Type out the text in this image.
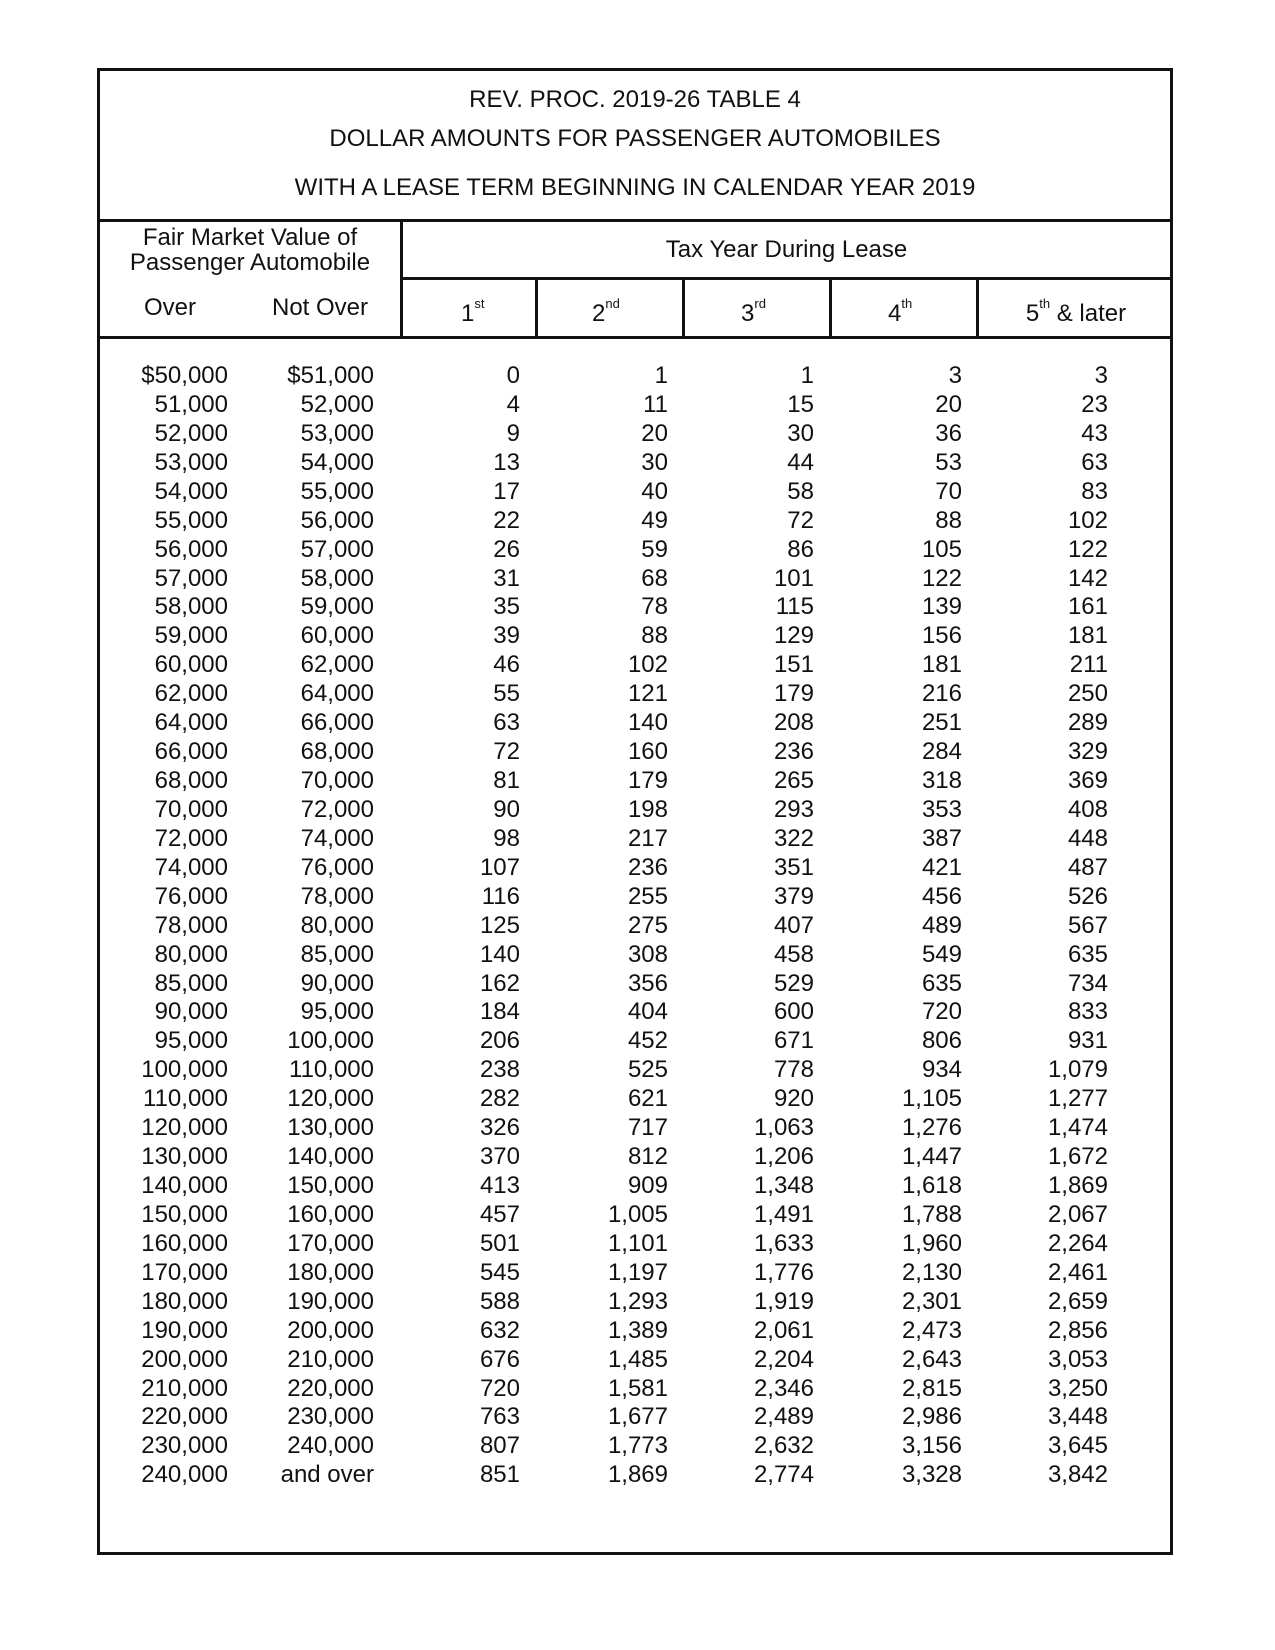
REV. PROC. 2019-26 TABLE 4
DOLLAR AMOUNTS FOR PASSENGER AUTOMOBILES
WITH A LEASE TERM BEGINNING IN CALENDAR YEAR 2019
Fair Market Value of
Passenger Automobile	Tax Year During Lease
Over	Not Over	1st	2nd	3rd	4th	5th & later
$50,000	$51,000	0	1	1	3	3
51,000	52,000	4	11	15	20	23
52,000	53,000	9	20	30	36	43
53,000	54,000	13	30	44	53	63
54,000	55,000	17	40	58	70	83
55,000	56,000	22	49	72	88	102
56,000	57,000	26	59	86	105	122
57,000	58,000	31	68	101	122	142
58,000	59,000	35	78	115	139	161
59,000	60,000	39	88	129	156	181
60,000	62,000	46	102	151	181	211
62,000	64,000	55	121	179	216	250
64,000	66,000	63	140	208	251	289
66,000	68,000	72	160	236	284	329
68,000	70,000	81	179	265	318	369
70,000	72,000	90	198	293	353	408
72,000	74,000	98	217	322	387	448
74,000	76,000	107	236	351	421	487
76,000	78,000	116	255	379	456	526
78,000	80,000	125	275	407	489	567
80,000	85,000	140	308	458	549	635
85,000	90,000	162	356	529	635	734
90,000	95,000	184	404	600	720	833
95,000	100,000	206	452	671	806	931
100,000	110,000	238	525	778	934	1,079
110,000	120,000	282	621	920	1,105	1,277
120,000	130,000	326	717	1,063	1,276	1,474
130,000	140,000	370	812	1,206	1,447	1,672
140,000	150,000	413	909	1,348	1,618	1,869
150,000	160,000	457	1,005	1,491	1,788	2,067
160,000	170,000	501	1,101	1,633	1,960	2,264
170,000	180,000	545	1,197	1,776	2,130	2,461
180,000	190,000	588	1,293	1,919	2,301	2,659
190,000	200,000	632	1,389	2,061	2,473	2,856
200,000	210,000	676	1,485	2,204	2,643	3,053
210,000	220,000	720	1,581	2,346	2,815	3,250
220,000	230,000	763	1,677	2,489	2,986	3,448
230,000	240,000	807	1,773	2,632	3,156	3,645
240,000	and over	851	1,869	2,774	3,328	3,842
